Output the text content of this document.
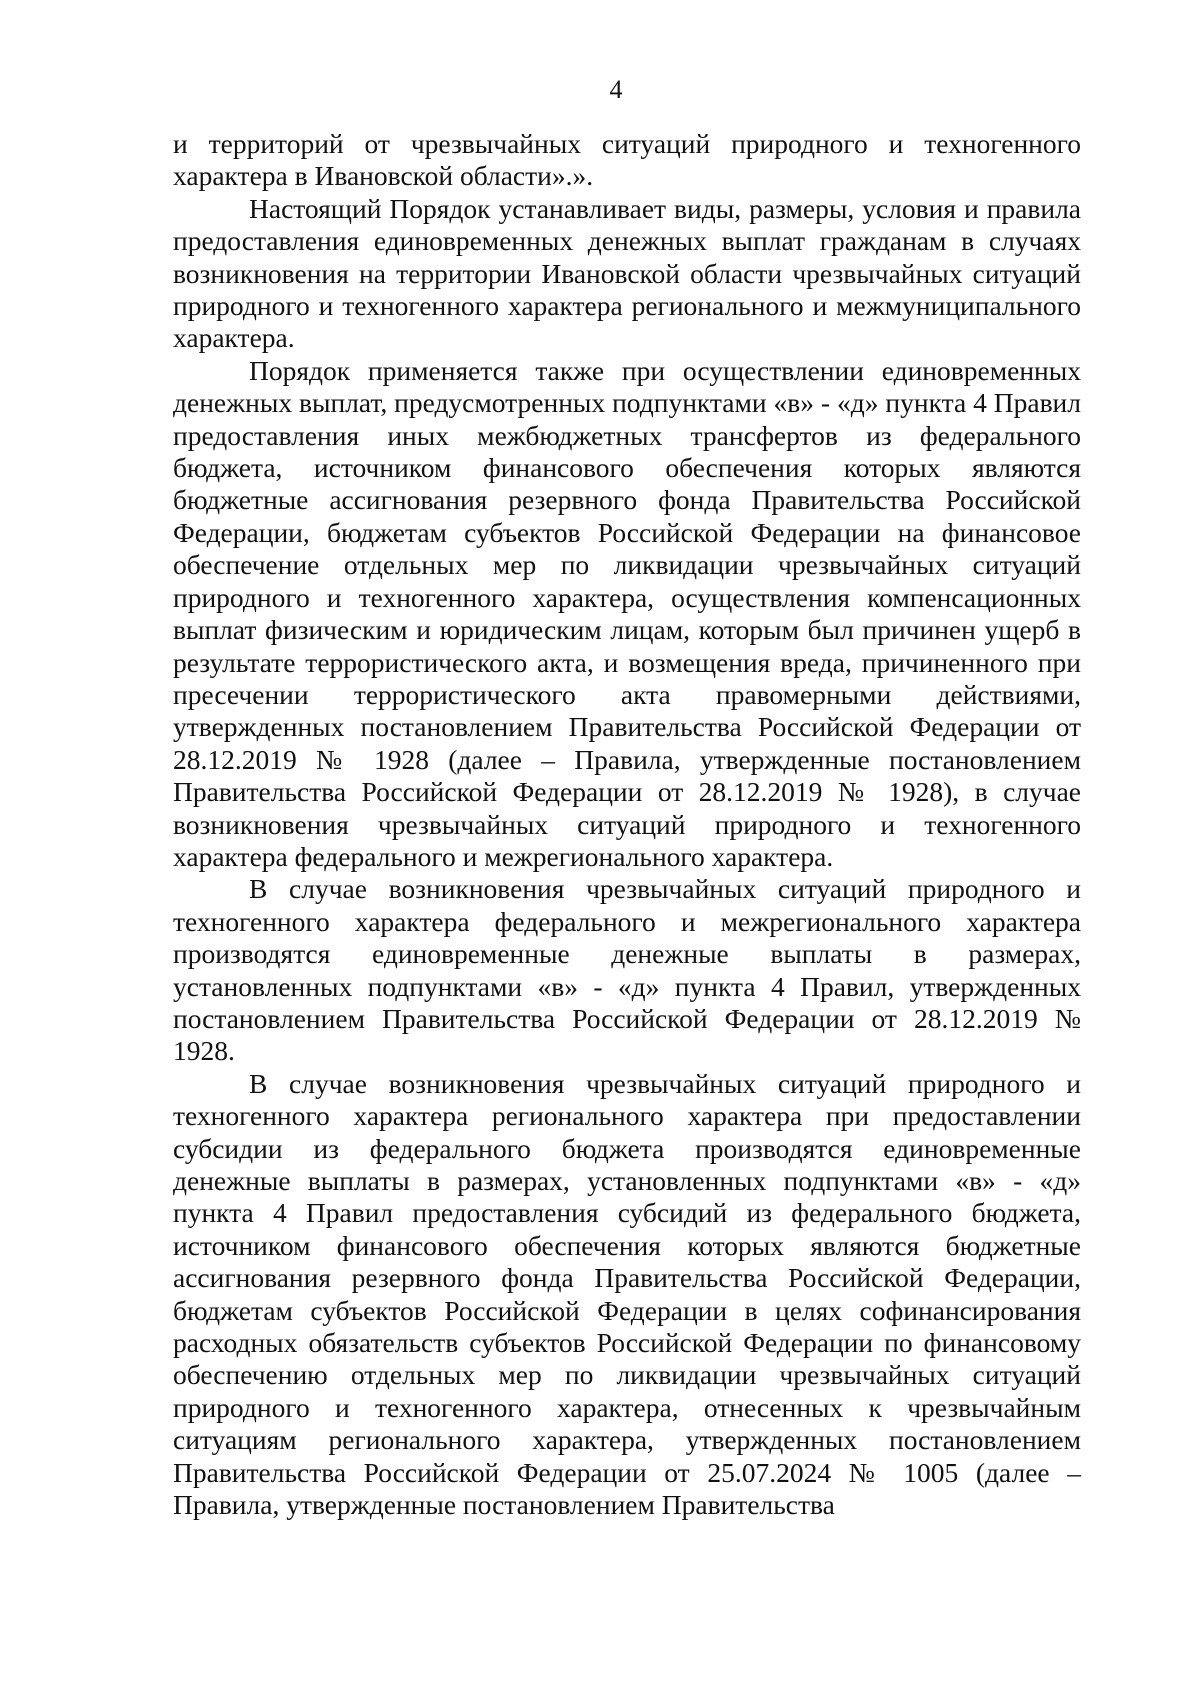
4

и территорий от чрезвычайных ситуаций природного и техногенного характера в Ивановской области».».

Настоящий Порядок устанавливает виды, размеры, условия и правила предоставления единовременных денежных выплат гражданам в случаях возникновения на территории Ивановской области чрезвычайных ситуаций природного и техногенного характера регионального и межмуниципального характера.

Порядок применяется также при осуществлении единовременных денежных выплат, предусмотренных подпунктами «в» - «д» пункта 4 Правил предоставления иных межбюджетных трансфертов из федерального бюджета, источником финансового обеспечения которых являются бюджетные ассигнования резервного фонда Правительства Российской Федерации, бюджетам субъектов Российской Федерации на финансовое обеспечение отдельных мер по ликвидации чрезвычайных ситуаций природного и техногенного характера, осуществления компенсационных выплат физическим и юридическим лицам, которым был причинен ущерб в результате террористического акта, и возмещения вреда, причиненного при пресечении террористического акта правомерными действиями, утвержденных постановлением Правительства Российской Федерации от 28.12.2019 № 1928 (далее – Правила, утвержденные постановлением Правительства Российской Федерации от 28.12.2019 № 1928), в случае возникновения чрезвычайных ситуаций природного и техногенного характера федерального и межрегионального характера.

В случае возникновения чрезвычайных ситуаций природного и техногенного характера федерального и межрегионального характера производятся единовременные денежные выплаты в размерах, установленных подпунктами «в» - «д» пункта 4 Правил, утвержденных постановлением Правительства Российской Федерации от 28.12.2019 № 1928.

В случае возникновения чрезвычайных ситуаций природного и техногенного характера регионального характера при предоставлении субсидии из федерального бюджета производятся единовременные денежные выплаты в размерах, установленных подпунктами «в» - «д» пункта 4 Правил предоставления субсидий из федерального бюджета, источником финансового обеспечения которых являются бюджетные ассигнования резервного фонда Правительства Российской Федерации, бюджетам субъектов Российской Федерации в целях софинансирования расходных обязательств субъектов Российской Федерации по финансовому обеспечению отдельных мер по ликвидации чрезвычайных ситуаций природного и техногенного характера, отнесенных к чрезвычайным ситуациям регионального характера, утвержденных постановлением Правительства Российской Федерации от 25.07.2024 № 1005 (далее – Правила, утвержденные постановлением Правительства
